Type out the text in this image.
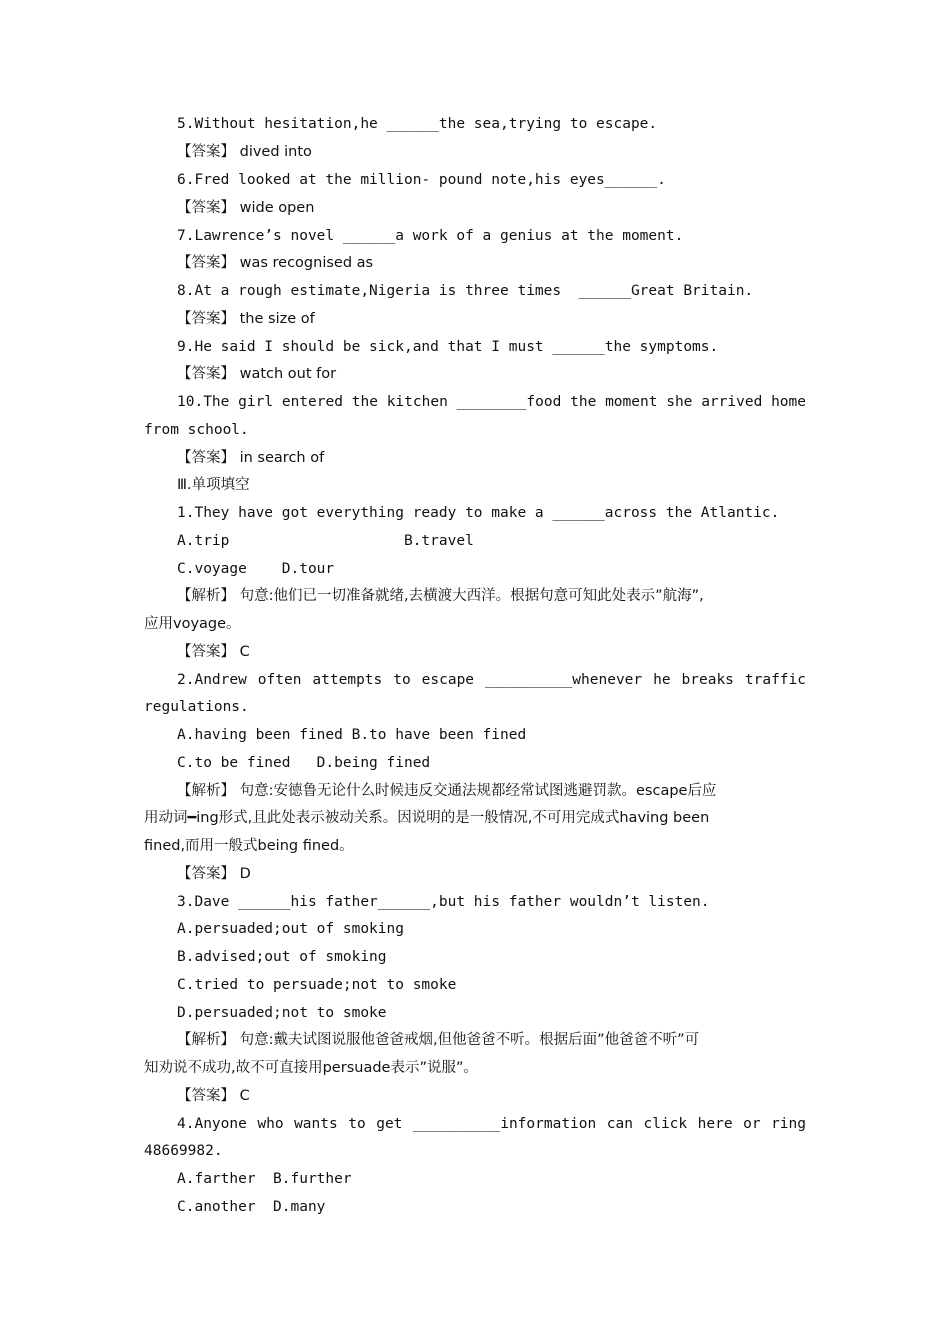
5.Without hesitation,he ______the sea,trying to escape.
【答案】 dived into
6.Fred looked at the million- pound note,his eyes______.
【答案】 wide open
7.Lawrence’s novel ______a work of a genius at the moment.
【答案】 was recognised as
8.At a rough estimate,Nigeria is three times  ______Great Britain.
【答案】 the size of
9.He said I should be sick,and that I must ______the symptoms.
【答案】 watch out for
10.The girl entered the kitchen ________food the moment she arrived home
from school.
【答案】 in search of
Ⅲ.单项填空
1.They have got everything ready to make a ______across the Atlantic.
A.trip                    B.travel
C.voyage    D.tour
【解析】 句意:他们已一切准备就绪,去横渡大西洋。根据句意可知此处表示”航海”,
应用voyage。
【答案】 C
2.Andrew often attempts to escape __________whenever he breaks traffic
regulations.
A.having been fined B.to have been fined
C.to be fined   D.being fined
【解析】 句意:安德鲁无论什么时候违反交通法规都经常试图逃避罚款。escape后应
用动词━ing形式,且此处表示被动关系。因说明的是一般情况,不可用完成式having been
fined,而用一般式being fined。
【答案】 D
3.Dave ______his father______,but his father wouldn’t listen.
A.persuaded;out of smoking
B.advised;out of smoking
C.tried to persuade;not to smoke
D.persuaded;not to smoke
【解析】 句意:戴夫试图说服他爸爸戒烟,但他爸爸不听。根据后面”他爸爸不听”可
知劝说不成功,故不可直接用persuade表示”说服”。
【答案】 C
4.Anyone who wants to get __________information can click here or ring
48669982.
A.farther  B.further
C.another  D.many
